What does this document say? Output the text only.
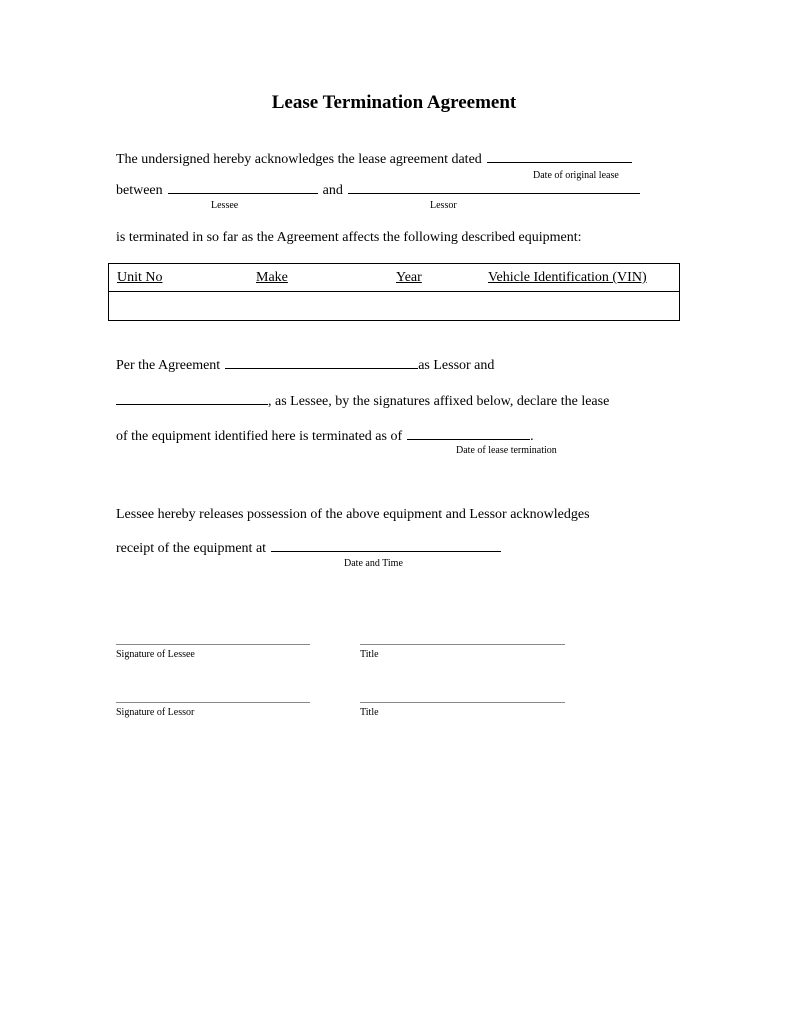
Lease Termination Agreement
The undersigned hereby acknowledges the lease agreement dated
Date of original lease
between	and
Lessee	Lessor
is terminated in so far as the Agreement affects the following described equipment:
Unit No	Make	Year	Vehicle Identification (VIN)
Per the Agreement	as Lessor and
, as Lessee, by the signatures affixed below, declare the lease
of the equipment identified here is terminated as of	.
Date of lease termination
Lessee hereby releases possession of the above equipment and Lessor acknowledges
receipt of the equipment at
Date and Time
Signature of Lessee	Title
Signature of Lessor	Title
